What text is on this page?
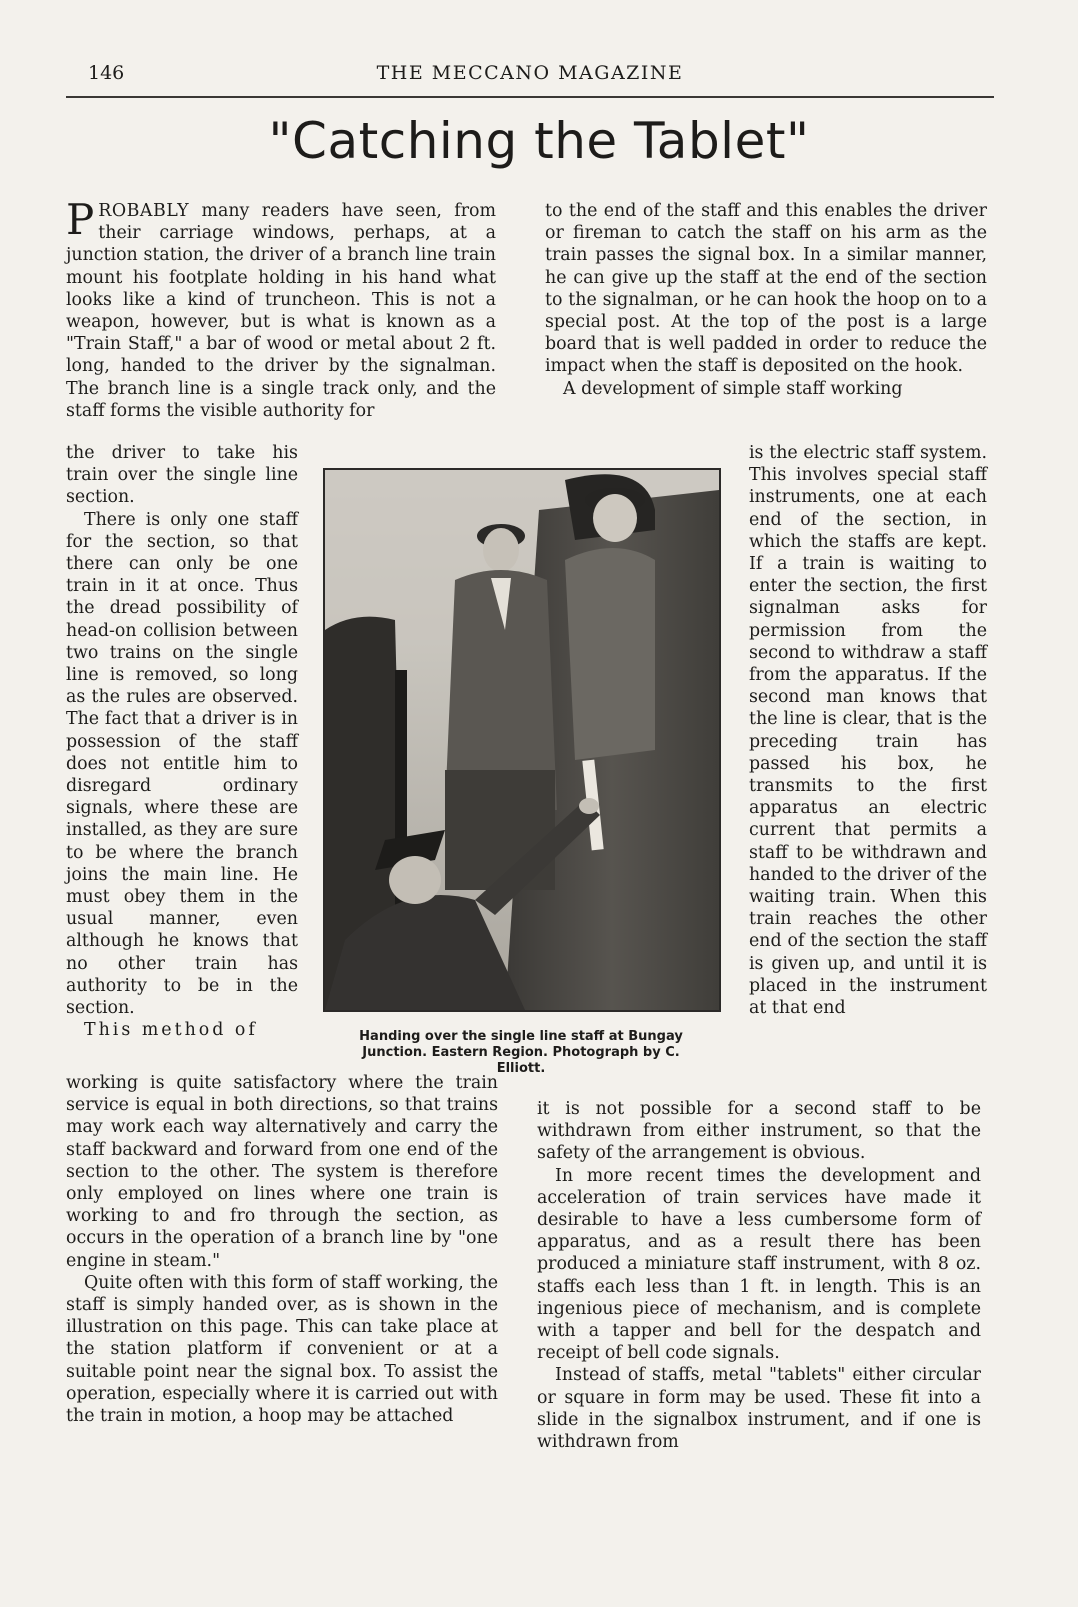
146	THE MECCANO MAGAZINE
"Catching the Tablet"

PROBABLY many readers have seen, from their carriage windows, perhaps, at a junction station, the driver of a branch line train mount his footplate holding in his hand what looks like a kind of truncheon. This is not a weapon, however, but is what is known as a "Train Staff," a bar of wood or metal about 2 ft. long, handed to the driver by the signalman. The branch line is a single track only, and the staff forms the visible authority for

the driver to take his train over the single line section.

There is only one staff for the section, so that there can only be one train in it at once. Thus the dread possibility of head-on collision between two trains on the single line is removed, so long as the rules are observed. The fact that a driver is in possession of the staff does not entitle him to disregard ordinary signals, where these are installed, as they are sure to be where the branch joins the main line. He must obey them in the usual manner, even although he knows that no other train has authority to be in the section.

This method of

working is quite satisfactory where the train service is equal in both directions, so that trains may work each way alternatively and carry the staff backward and forward from one end of the section to the other. The system is therefore only employed on lines where one train is working to and fro through the section, as occurs in the operation of a branch line by "one engine in steam."

Quite often with this form of staff working, the staff is simply handed over, as is shown in the illustration on this page. This can take place at the station platform if convenient or at a suitable point near the signal box. To assist the operation, especially where it is carried out with the train in motion, a hoop may be attached

to the end of the staff and this enables the driver or fireman to catch the staff on his arm as the train passes the signal box. In a similar manner, he can give up the staff at the end of the section to the signalman, or he can hook the hoop on to a special post. At the top of the post is a large board that is well padded in order to reduce the impact when the staff is deposited on the hook.

A development of simple staff working

is the electric staff system. This involves special staff instruments, one at each end of the section, in which the staffs are kept. If a train is waiting to enter the section, the first signalman asks for permission from the second to withdraw a staff from the apparatus. If the second man knows that the line is clear, that is the preceding train has passed his box, he transmits to the first apparatus an electric current that permits a staff to be withdrawn and handed to the driver of the waiting train. When this train reaches the other end of the section the staff is given up, and until it is placed in the instrument at that end

it is not possible for a second staff to be withdrawn from either instrument, so that the safety of the arrangement is obvious.

In more recent times the development and acceleration of train services have made it desirable to have a less cumbersome form of apparatus, and as a result there has been produced a miniature staff instrument, with 8 oz. staffs each less than 1 ft. in length. This is an ingenious piece of mechanism, and is complete with a tapper and bell for the despatch and receipt of bell code signals.

Instead of staffs, metal "tablets" either circular or square in form may be used. These fit into a slide in the signalbox instrument, and if one is withdrawn from

Handing over the single line staff at Bungay
Junction. Eastern Region. Photograph by C.
Elliott.
